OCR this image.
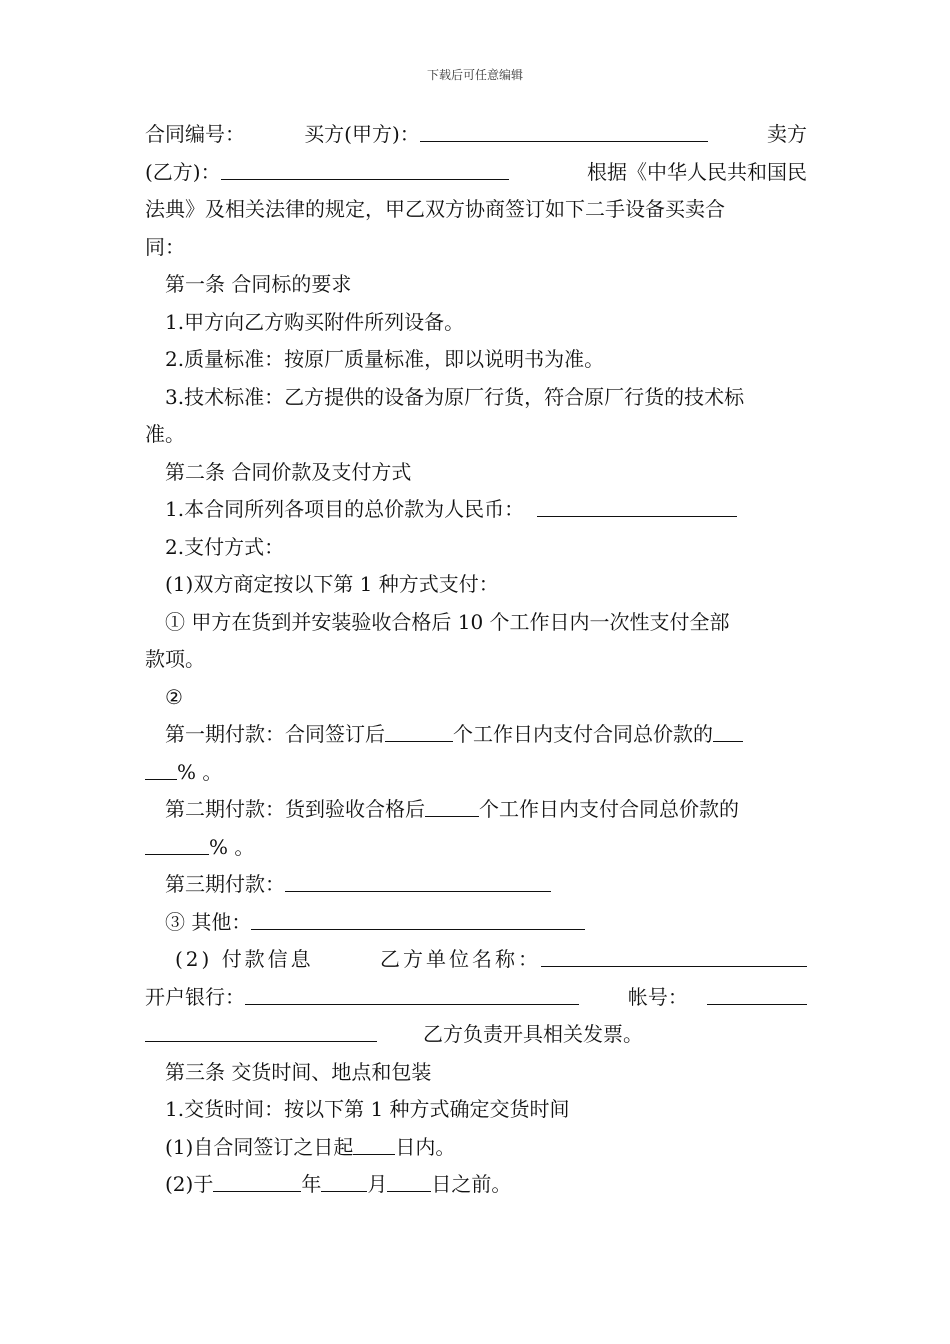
下载后可任意编辑

合同编号：	买方(甲方)：	卖方

(乙方)：	根据《中华人民共和国民

法典》及相关法律的规定，甲乙双方协商签订如下二手设备买卖合

同：

第一条 合同标的要求

1.甲方向乙方购买附件所列设备。

2.质量标准：按原厂质量标准，即以说明书为准。

3.技术标准：乙方提供的设备为原厂行货，符合原厂行货的技术标

准。

第二条 合同价款及支付方式

1.本合同所列各项目的总价款为人民币：

2.支付方式：

(1)双方商定按以下第 1 种方式支付：

① 甲方在货到并安装验收合格后 10 个工作日内一次性支付全部

款项。

②

第一期付款：合同签订后	个工作日内支付合同总价款的

% 。

第二期付款：货到验收合格后	个工作日内支付合同总价款的

% 。

第三期付款：

③ 其他：

(2) 付款信息	乙方单位名称：

开户银行：	帐号：

乙方负责开具相关发票。

第三条 交货时间、地点和包装

1.交货时间：按以下第 1 种方式确定交货时间

(1)自合同签订之日起 日内。

(2)于	年 月 日之前。
